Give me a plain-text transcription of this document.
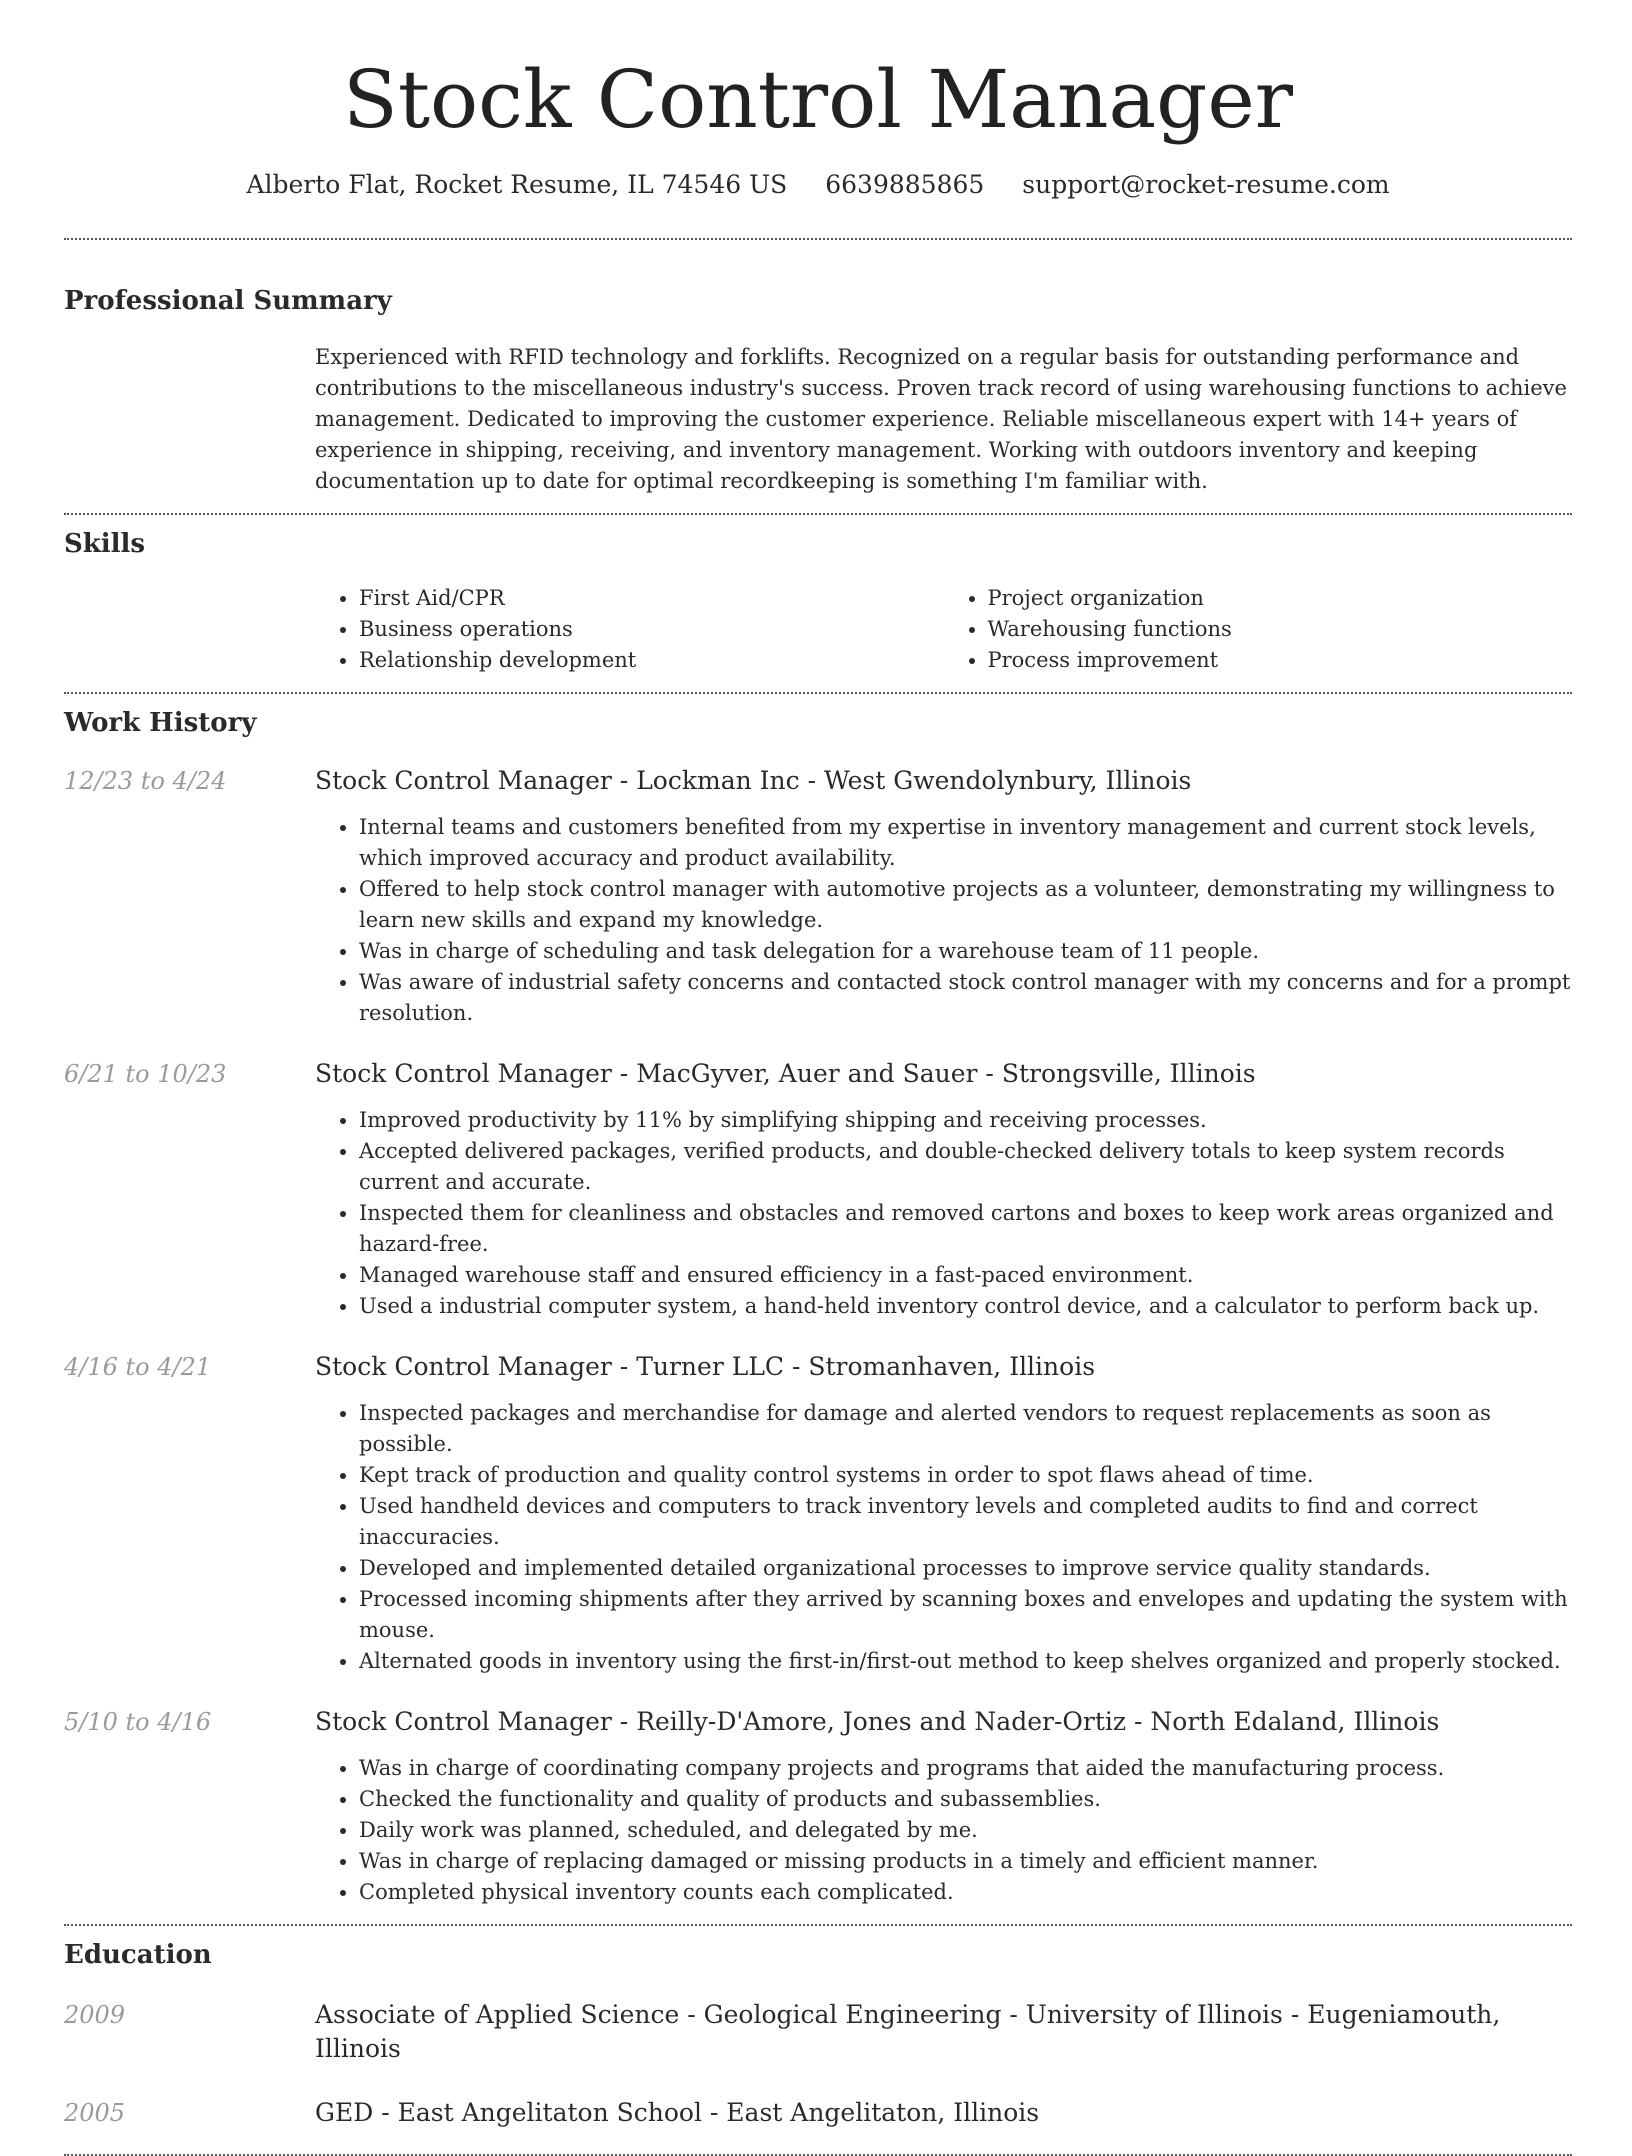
Stock Control Manager
Alberto Flat, Rocket Resume, IL 74546 US 6639885865 support@rocket-resume.com
Professional Summary

Experienced with RFID technology and forklifts. Recognized on a regular basis for outstanding performance and contributions to the miscellaneous industry's success. Proven track record of using warehousing functions to achieve management. Dedicated to improving the customer experience. Reliable miscellaneous expert with 14+ years of experience in shipping, receiving, and inventory management. Working with outdoors inventory and keeping documentation up to date for optimal recordkeeping is something I'm familiar with.

Skills
• First Aid/CPR
• Business operations
• Relationship development
• Project organization
• Warehousing functions
• Process improvement
Work History
12/23 to 4/24	Stock Control Manager - Lockman Inc - West Gwendolynbury, Illinois
• Internal teams and customers benefited from my expertise in inventory management and current stock levels, which improved accuracy and product availability.
• Offered to help stock control manager with automotive projects as a volunteer, demonstrating my willingness to learn new skills and expand my knowledge.
• Was in charge of scheduling and task delegation for a warehouse team of 11 people.
• Was aware of industrial safety concerns and contacted stock control manager with my concerns and for a prompt resolution.
6/21 to 10/23	Stock Control Manager - MacGyver, Auer and Sauer - Strongsville, Illinois
• Improved productivity by 11% by simplifying shipping and receiving processes.
• Accepted delivered packages, verified products, and double-checked delivery totals to keep system records current and accurate.
• Inspected them for cleanliness and obstacles and removed cartons and boxes to keep work areas organized and hazard-free.
• Managed warehouse staff and ensured efficiency in a fast-paced environment.
• Used a industrial computer system, a hand-held inventory control device, and a calculator to perform back up.
4/16 to 4/21	Stock Control Manager - Turner LLC - Stromanhaven, Illinois
• Inspected packages and merchandise for damage and alerted vendors to request replacements as soon as possible.
• Kept track of production and quality control systems in order to spot flaws ahead of time.
• Used handheld devices and computers to track inventory levels and completed audits to find and correct inaccuracies.
• Developed and implemented detailed organizational processes to improve service quality standards.
• Processed incoming shipments after they arrived by scanning boxes and envelopes and updating the system with mouse.
• Alternated goods in inventory using the first-in/first-out method to keep shelves organized and properly stocked.
5/10 to 4/16	Stock Control Manager - Reilly-D'Amore, Jones and Nader-Ortiz - North Edaland, Illinois
• Was in charge of coordinating company projects and programs that aided the manufacturing process.
• Checked the functionality and quality of products and subassemblies.
• Daily work was planned, scheduled, and delegated by me.
• Was in charge of replacing damaged or missing products in a timely and efficient manner.
• Completed physical inventory counts each complicated.
Education
2009	Associate of Applied Science - Geological Engineering - University of Illinois - Eugeniamouth, Illinois
2005	GED - East Angelitaton School - East Angelitaton, Illinois
